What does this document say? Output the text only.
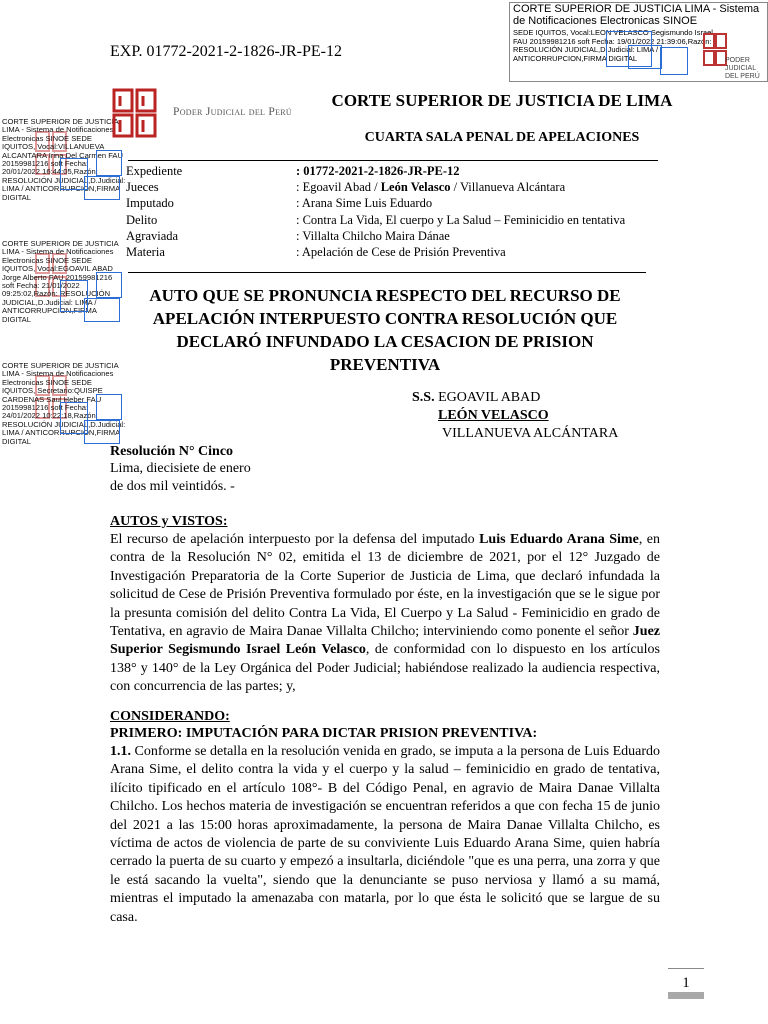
CORTE SUPERIOR DE JUSTICIA LIMA - Sistema de Notificaciones Electronicas SINOE
SEDE IQUITOS, Vocal:LEON VELASCO Segismundo Israel FAU 20159981216 soft Fecha: 19/01/2022 21:39:06,Razón: RESOLUCIÓN JUDICIAL,D.Judicial: LIMA / ANTICORRUPCION,FIRMA DIGITAL	PODER JUDICIAL DEL PERÚ
CORTE SUPERIOR DE JUSTICIA LIMA - Sistema de Notificaciones Electronicas SINOE SEDE IQUITOS, Vocal:VILLANUEVA ALCANTARA Irina Del Carmen FAU 20159981216 soft Fecha: 20/01/2022 16:44:05,Razón: RESOLUCIÓN JUDICIAL,D.Judicial: LIMA / ANTICORRUPCION,FIRMA DIGITAL
CORTE SUPERIOR DE JUSTICIA LIMA - Sistema de Notificaciones Electronicas SINOE SEDE IQUITOS, Vocal:EGOAVIL ABAD Jorge Alberto FAU 20159981216 soft Fecha: 21/01/2022 09:25:02,Razón: RESOLUCIÓN JUDICIAL,D.Judicial: LIMA / ANTICORRUPCION,FIRMA DIGITAL
CORTE SUPERIOR DE JUSTICIA LIMA - Sistema de Notificaciones Electronicas SINOE SEDE IQUITOS, Secretario:QUISPE CARDENAS Saul Heber FAU 20159981216 soft Fecha: 24/01/2022 10:22:18,Razón: RESOLUCIÓN JUDICIAL,D.Judicial: LIMA / ANTICORRUPCION,FIRMA DIGITAL
EXP. 01772-2021-2-1826-JR-PE-12
Poder Judicial del Perú
CORTE SUPERIOR DE JUSTICIA DE LIMA
CUARTA SALA PENAL DE APELACIONES
Expediente	: 01772-2021-2-1826-JR-PE-12
Jueces	: Egoavil Abad / León Velasco / Villanueva Alcántara
Imputado	: Arana Sime Luis Eduardo
Delito	: Contra La Vida, El cuerpo y La Salud – Feminicidio en tentativa
Agraviada	: Villalta Chilcho Maira Dánae
Materia	: Apelación de Cese de Prisión Preventiva
AUTO QUE SE PRONUNCIA RESPECTO DEL RECURSO DE APELACIÓN INTERPUESTO CONTRA RESOLUCIÓN QUE DECLARÓ INFUNDADO LA CESACION DE PRISION PREVENTIVA
S.S. EGOAVIL ABAD
LEÓN VELASCO
VILLANUEVA ALCÁNTARA
Resolución N° Cinco
Lima, diecisiete de enero
de dos mil veintidós. -
AUTOS y VISTOS:

El recurso de apelación interpuesto por la defensa del imputado Luis Eduardo Arana Sime, en contra de la Resolución N° 02, emitida el 13 de diciembre de 2021, por el 12° Juzgado de Investigación Preparatoria de la Corte Superior de Justicia de Lima, que declaró infundada la solicitud de Cese de Prisión Preventiva formulado por éste, en la investigación que se le sigue por la presunta comisión del delito Contra La Vida, El Cuerpo y La Salud - Feminicidio en grado de Tentativa, en agravio de Maira Danae Villalta Chilcho; interviniendo como ponente el señor Juez Superior Segismundo Israel León Velasco, de conformidad con lo dispuesto en los artículos 138° y 140° de la Ley Orgánica del Poder Judicial; habiéndose realizado la audiencia respectiva, con concurrencia de las partes; y,

CONSIDERANDO:
PRIMERO: IMPUTACIÓN PARA DICTAR PRISION PREVENTIVA:

1.1. Conforme se detalla en la resolución venida en grado, se imputa a la persona de Luis Eduardo Arana Sime, el delito contra la vida y el cuerpo y la salud – feminicidio en grado de tentativa, ilícito tipificado en el artículo 108°- B del Código Penal, en agravio de Maira Danae Villalta Chilcho. Los hechos materia de investigación se encuentran referidos a que con fecha 15 de junio del 2021 a las 15:00 horas aproximadamente, la persona de Maira Danae Villalta Chilcho, es víctima de actos de violencia de parte de su conviviente Luis Eduardo Arana Sime, quien habría cerrado la puerta de su cuarto y empezó a insultarla, diciéndole "que es una perra, una zorra y que le está sacando la vuelta", siendo que la denunciante se puso nerviosa y llamó a su mamá, mientras el imputado la amenazaba con matarla, por lo que ésta le solicitó que se largue de su casa.

1
